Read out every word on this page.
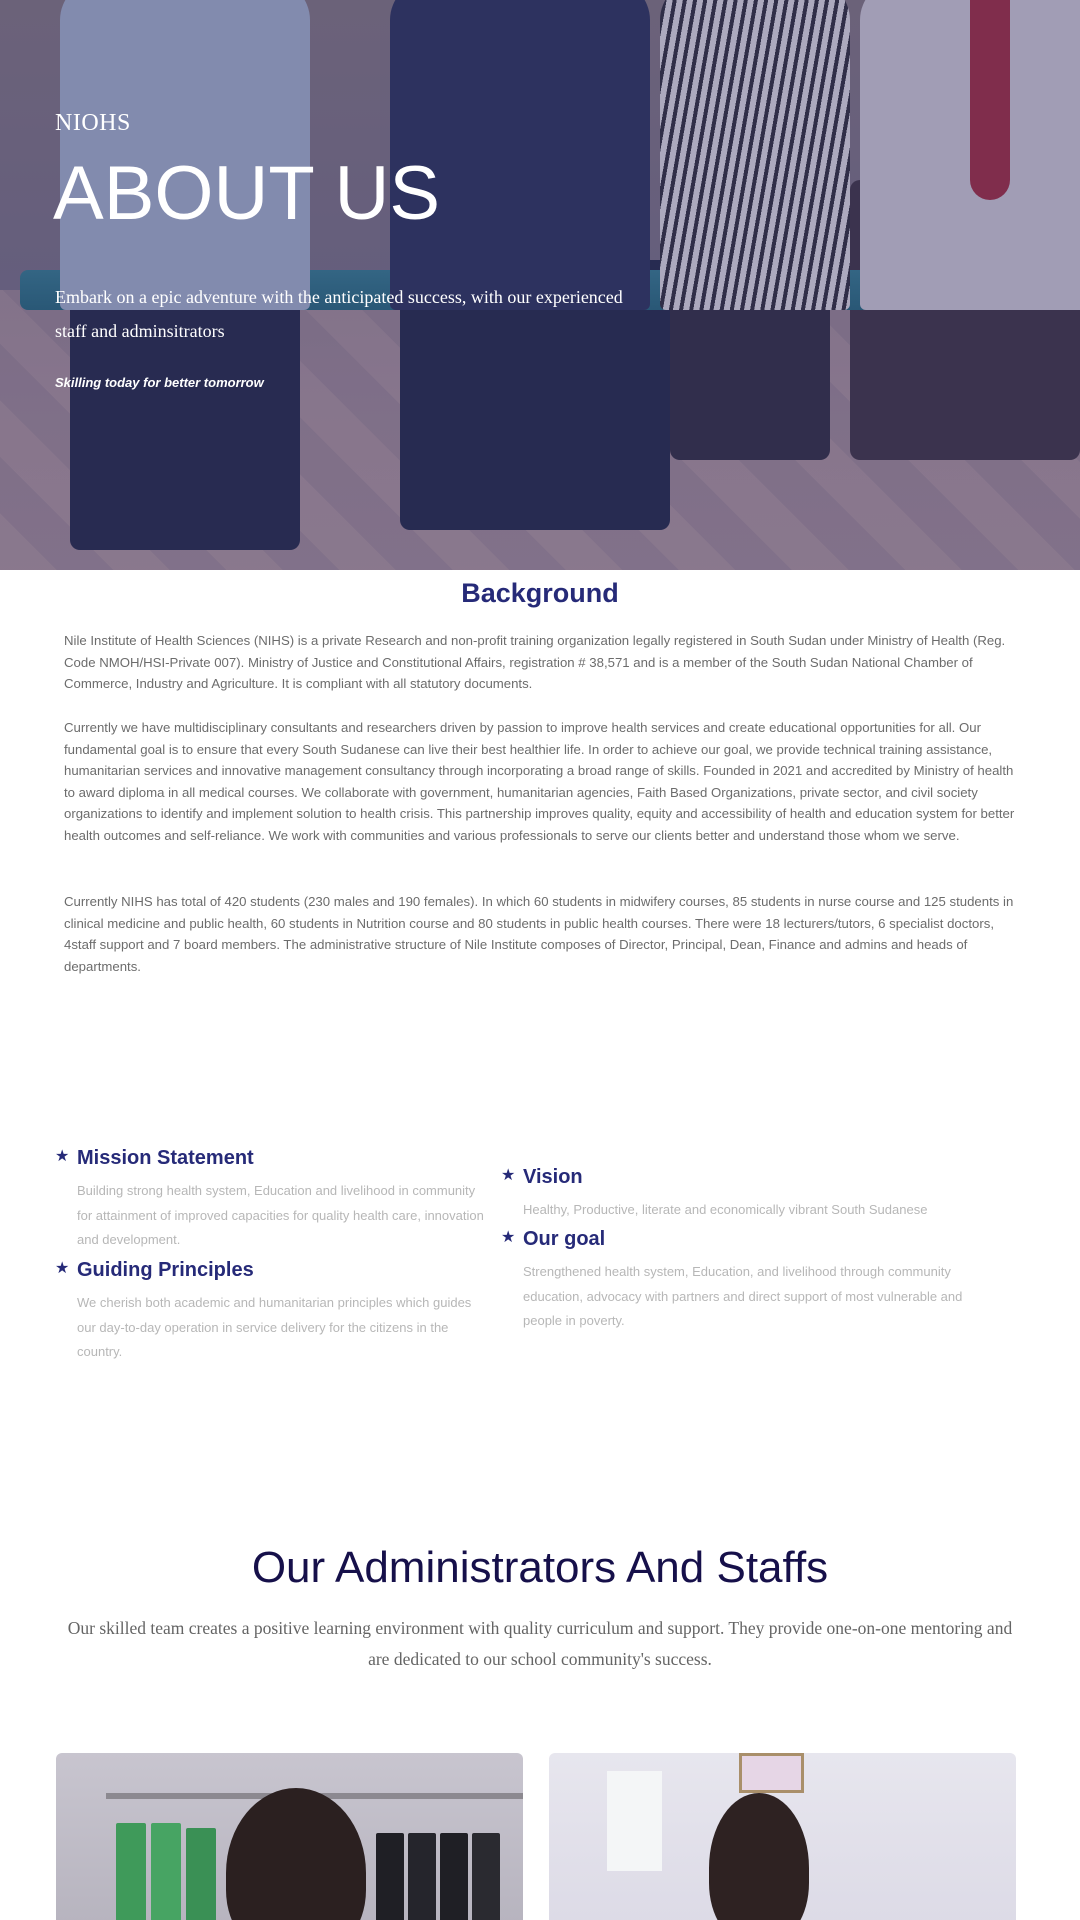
NIOHS
ABOUT US

Embark on a epic adventure with the anticipated success, with our experienced staff and adminsitrators

Skilling today for better tomorrow

Background

Nile Institute of Health Sciences (NIHS) is a private Research and non-profit training organization legally registered in South Sudan under Ministry of Health (Reg. Code NMOH/HSI-Private 007). Ministry of Justice and Constitutional Affairs, registration # 38,571 and is a member of the South Sudan National Chamber of Commerce, Industry and Agriculture. It is compliant with all statutory documents.

Currently we have multidisciplinary consultants and researchers driven by passion to improve health services and create educational opportunities for all. Our fundamental goal is to ensure that every South Sudanese can live their best healthier life. In order to achieve our goal, we provide technical training assistance, humanitarian services and innovative management consultancy through incorporating a broad range of skills. Founded in 2021 and accredited by Ministry of health to award diploma in all medical courses. We collaborate with government, humanitarian agencies, Faith Based Organizations, private sector, and civil society organizations to identify and implement solution to health crisis. This partnership improves quality, equity and accessibility of health and education system for better health outcomes and self-reliance. We work with communities and various professionals to serve our clients better and understand those whom we serve.

Currently NIHS has total of 420 students (230 males and 190 females). In which 60 students in midwifery courses, 85 students in nurse course and 125 students in clinical medicine and public health, 60 students in Nutrition course and 80 students in public health courses. There were 18 lecturers/tutors, 6 specialist doctors, 4staff support and 7 board members. The administrative structure of Nile Institute composes of Director, Principal, Dean, Finance and admins and heads of departments.

★ Mission Statement

Building strong health system, Education and livelihood in community for attainment of improved capacities for quality health care, innovation and development.

★ Guiding Principles

We cherish both academic and humanitarian principles which guides our day-to-day operation in service delivery for the citizens in the country.

★ Vision

Healthy, Productive, literate and economically vibrant South Sudanese

★ Our goal

Strengthened health system, Education, and livelihood through community education, advocacy with partners and direct support of most vulnerable and people in poverty.

Our Administrators And Staffs

Our skilled team creates a positive learning environment with quality curriculum and support. They provide one-on-one mentoring and are dedicated to our school community's success.
